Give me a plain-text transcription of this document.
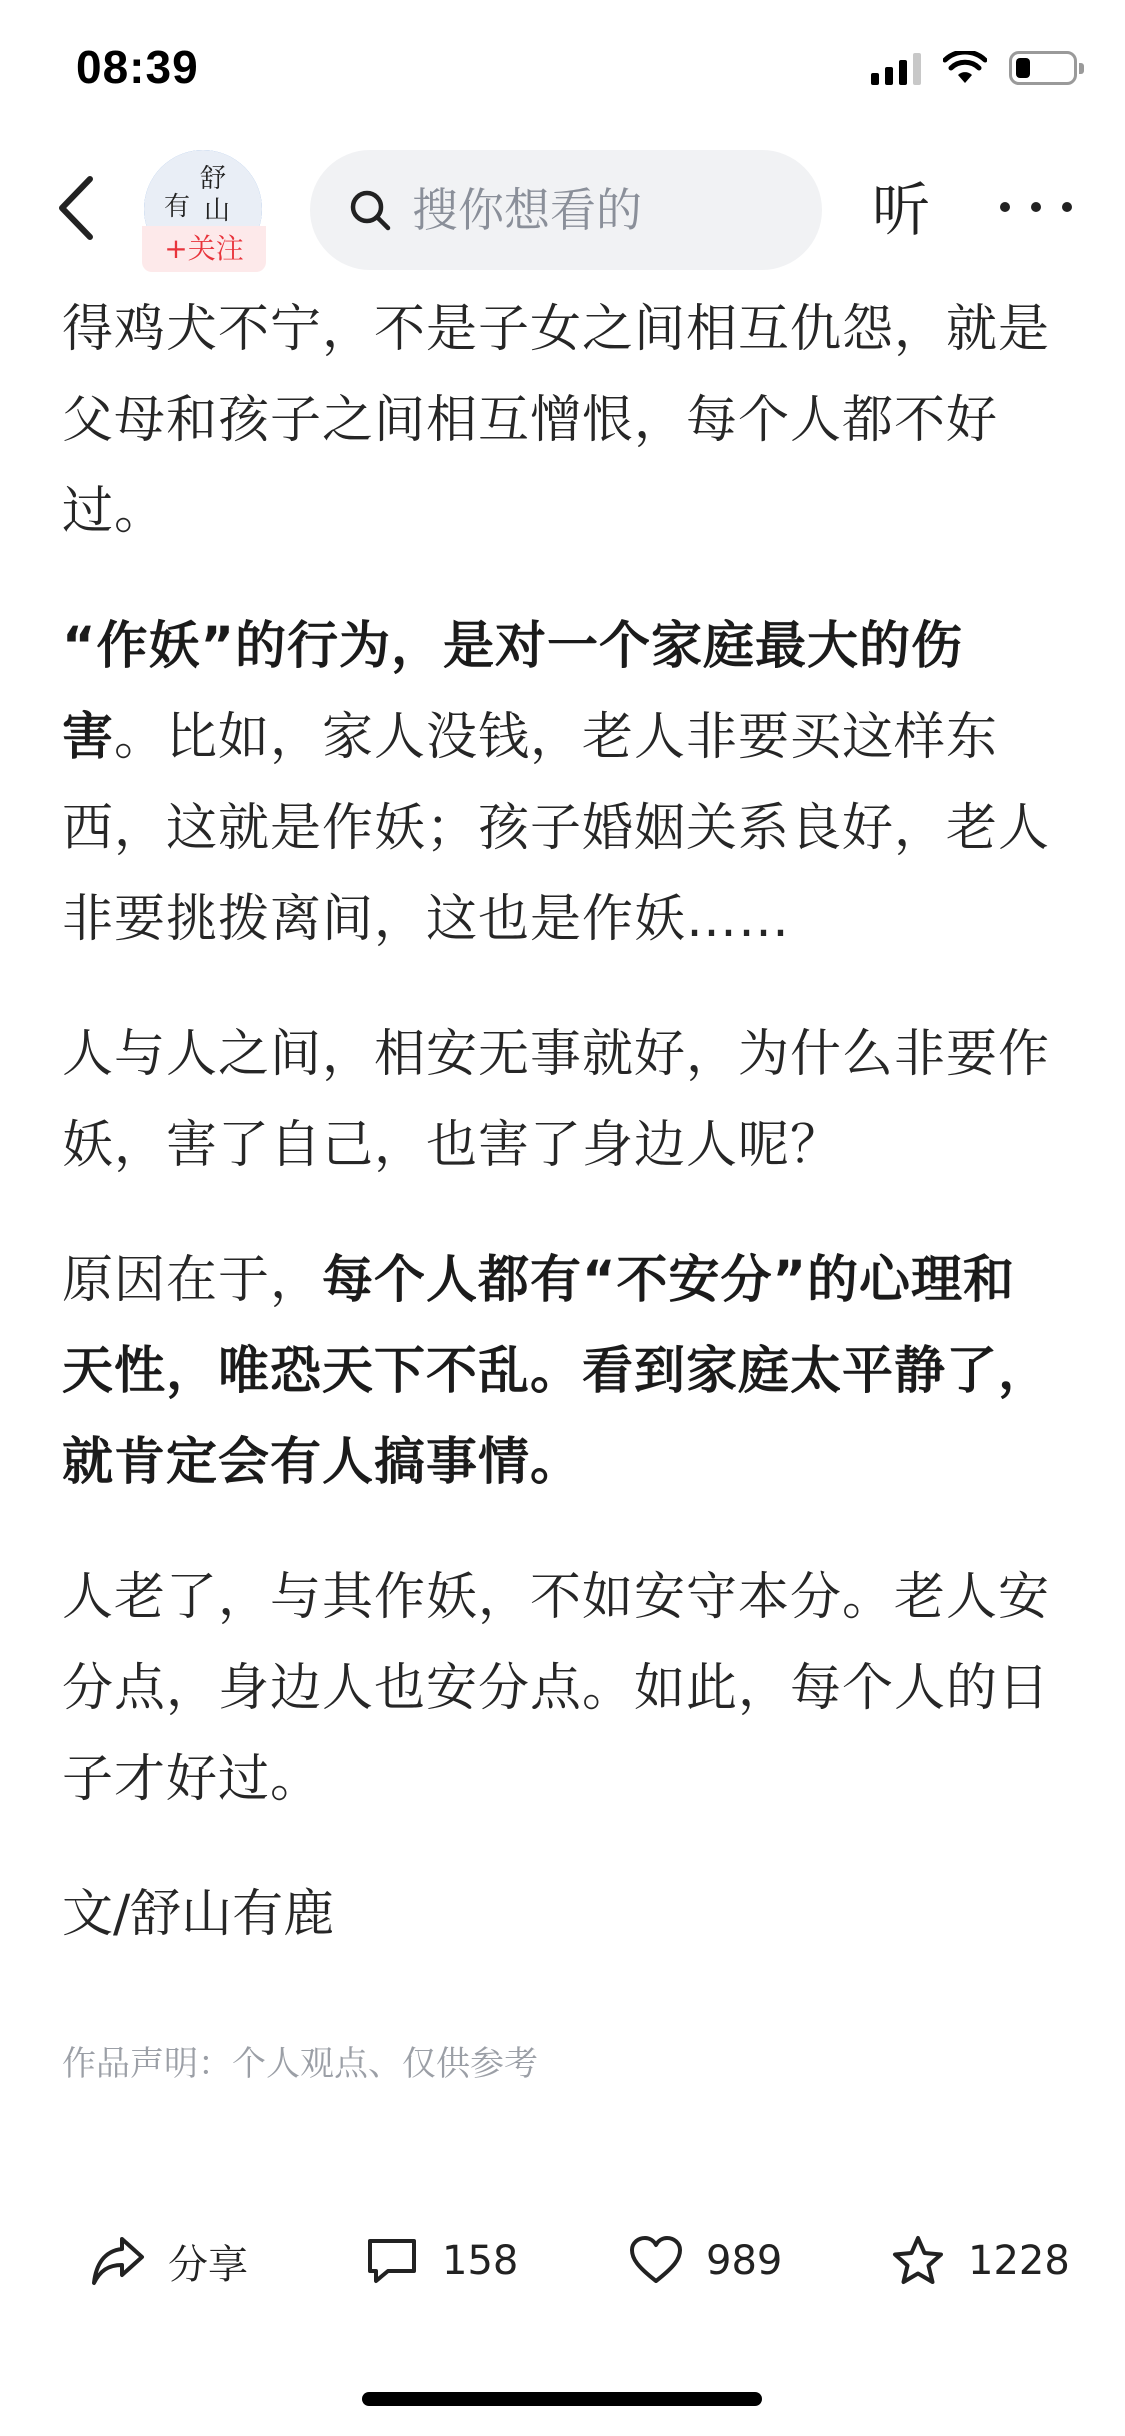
08:39
舒
有 山
+关注
搜你想看的	听

得鸡犬不宁，不是子女之间相互仇怨，就是父母和孩子之间相互憎恨，每个人都不好过。

“作妖”的行为，是对一个家庭最大的伤害。比如，家人没钱，老人非要买这样东西，这就是作妖；孩子婚姻关系良好，老人非要挑拨离间，这也是作妖……

人与人之间，相安无事就好，为什么非要作妖，害了自己，也害了身边人呢？

原因在于，每个人都有“不安分”的心理和天性，唯恐天下不乱。看到家庭太平静了，就肯定会有人搞事情。

人老了，与其作妖，不如安守本分。老人安分点，身边人也安分点。如此，每个人的日子才好过。

文/舒山有鹿

作品声明：个人观点、仅供参考
分享	158	989	1228
